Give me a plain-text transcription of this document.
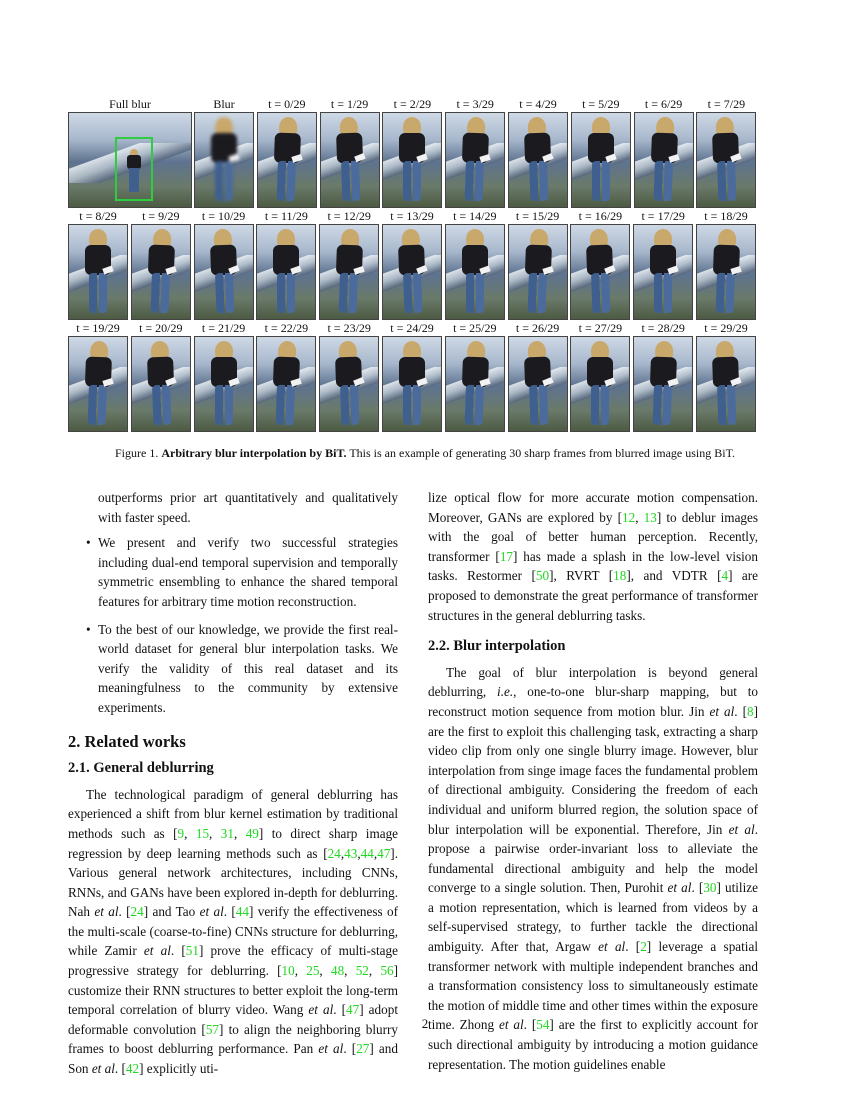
Full blur	Blur	t = 0/29	t = 1/29	t = 2/29	t = 3/29	t = 4/29	t = 5/29	t = 6/29	t = 7/29
t = 8/29	t = 9/29	t = 10/29	t = 11/29	t = 12/29	t = 13/29	t = 14/29	t = 15/29	t = 16/29	t = 17/29	t = 18/29
t = 19/29	t = 20/29	t = 21/29	t = 22/29	t = 23/29	t = 24/29	t = 25/29	t = 26/29	t = 27/29	t = 28/29	t = 29/29
Figure 1. Arbitrary blur interpolation by BiT. This is an example of generating 30 sharp frames from blurred image using BiT.

outperforms prior art quantitatively and qualitatively with faster speed.

• We present and verify two successful strategies including dual-end temporal supervision and temporally symmetric ensembling to enhance the shared temporal features for arbitrary time motion reconstruction.
• To the best of our knowledge, we provide the first real-world dataset for general blur interpolation tasks. We verify the validity of this real dataset and its meaningfulness to the community by extensive experiments.
2. Related works
2.1. General deblurring

The technological paradigm of general deblurring has experienced a shift from blur kernel estimation by traditional methods such as [9, 15, 31, 49] to direct sharp image regression by deep learning methods such as [24,43,44,47]. Various general network architectures, including CNNs, RNNs, and GANs have been explored in-depth for deblurring. Nah et al. [24] and Tao et al. [44] verify the effectiveness of the multi-scale (coarse-to-fine) CNNs structure for deblurring, while Zamir et al. [51] prove the efficacy of multi-stage progressive strategy for deblurring. [10, 25, 48, 52, 56] customize their RNN structures to better exploit the long-term temporal correlation of blurry video. Wang et al. [47] adopt deformable convolution [57] to align the neighboring blurry frames to boost deblurring performance. Pan et al. [27] and Son et al. [42] explicitly uti-

lize optical flow for more accurate motion compensation. Moreover, GANs are explored by [12, 13] to deblur images with the goal of better human perception. Recently, transformer [17] has made a splash in the low-level vision tasks. Restormer [50], RVRT [18], and VDTR [4] are proposed to demonstrate the great performance of transformer structures in the general deblurring tasks.

2.2. Blur interpolation

The goal of blur interpolation is beyond general deblurring, i.e., one-to-one blur-sharp mapping, but to reconstruct motion sequence from motion blur. Jin et al. [8] are the first to exploit this challenging task, extracting a sharp video clip from only one single blurry image. However, blur interpolation from singe image faces the fundamental problem of directional ambiguity. Considering the freedom of each individual and uniform blurred region, the solution space of blur interpolation will be exponential. Therefore, Jin et al. propose a pairwise order-invariant loss to alleviate the fundamental directional ambiguity and help the model converge to a single solution. Then, Purohit et al. [30] utilize a motion representation, which is learned from videos by a self-supervised strategy, to further tackle the directional ambiguity. After that, Argaw et al. [2] leverage a spatial transformer network with multiple independent branches and a transformation consistency loss to simultaneously estimate the motion of middle time and other times within the exposure time. Zhong et al. [54] are the first to explicitly account for such directional ambiguity by introducing a motion guidance representation. The motion guidelines enable

2
